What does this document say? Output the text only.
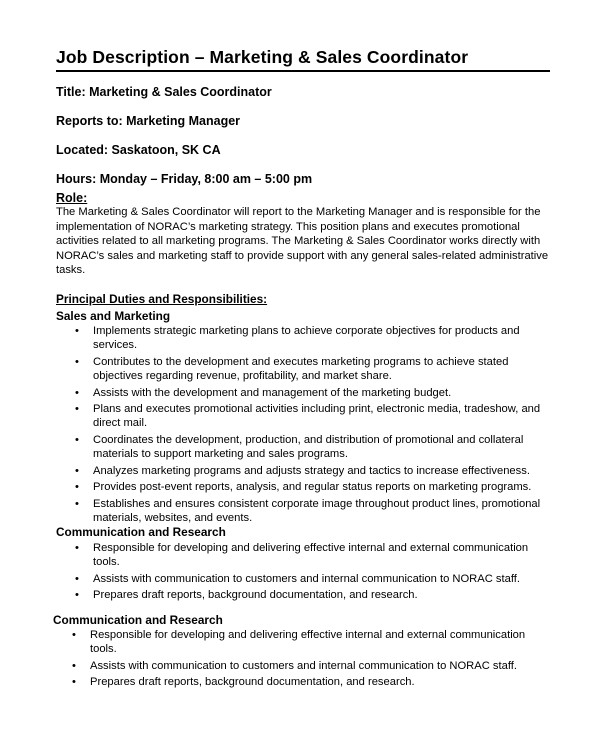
Job Description – Marketing & Sales Coordinator
Title: Marketing & Sales Coordinator
Reports to: Marketing Manager
Located: Saskatoon, SK CA
Hours: Monday – Friday, 8:00 am – 5:00 pm
Role:
The Marketing & Sales Coordinator will report to the Marketing Manager and is responsible for the implementation of NORAC’s marketing strategy. This position plans and executes promotional activities related to all marketing programs. The Marketing & Sales Coordinator works directly with NORAC’s sales and marketing staff to provide support with any general sales-related administrative tasks.
Principal Duties and Responsibilities:
Sales and Marketing
•	Implements strategic marketing plans to achieve corporate objectives for products and services.
•	Contributes to the development and executes marketing programs to achieve stated objectives regarding revenue, profitability, and market share.
•	Assists with the development and management of the marketing budget.
•	Plans and executes promotional activities including print, electronic media, tradeshow, and direct mail.
•	Coordinates the development, production, and distribution of promotional and collateral materials to support marketing and sales programs.
•	Analyzes marketing programs and adjusts strategy and tactics to increase effectiveness.
•	Provides post-event reports, analysis, and regular status reports on marketing programs.
•	Establishes and ensures consistent corporate image throughout product lines, promotional materials, websites, and events.
Communication and Research
•	Responsible for developing and delivering effective internal and external communication tools.
•	Assists with communication to customers and internal communication to NORAC staff.
•	Prepares draft reports, background documentation, and research.
Communication and Research
•	Responsible for developing and delivering effective internal and external communication tools.
•	Assists with communication to customers and internal communication to NORAC staff.
•	Prepares draft reports, background documentation, and research.
